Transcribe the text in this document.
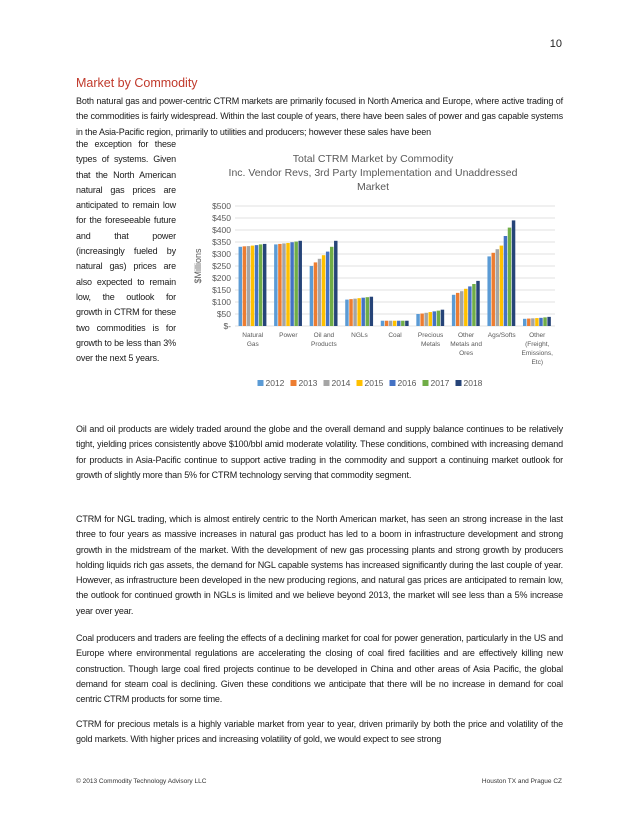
10
Market by Commodity

Both natural gas and power-centric CTRM markets are primarily focused in North America and Europe, where active trading of the commodities is fairly widespread. Within the last couple of years, there have been sales of power and gas capable systems in the Asia-Pacific region, primarily to utilities and producers; however these sales have been

the exception for these types of systems. Given that the North American natural gas prices are anticipated to remain low for the foreseeable future and that power (increasingly fueled by natural gas) prices are also expected to remain low, the outlook for growth in CTRM for these two commodities is for growth to be less than 3% over the next 5 years.

Total CTRM Market by Commodity
Inc. Vendor Revs, 3rd Party Implementation and Unaddressed
Market
$-
$50
$100
$150
$200
$250
$300
$350
$400
$450
$500
$Millions
Natural
Gas
Power Oil and
Products
NGLs	Coal Precious
Metals
Other
Metals and
Ores
Ags/Softs Other
(Freight,
Emissions,
Etc)
2012 2013 2014 2015 2016 2017 2018

Oil and oil products are widely traded around the globe and the overall demand and supply balance continues to be relatively tight, yielding prices consistently above $100/bbl amid moderate volatility. These conditions, combined with increasing demand for products in Asia-Pacific continue to support active trading in the commodity and support a continuing market outlook for growth of slightly more than 5% for CTRM technology serving that commodity segment.

CTRM for NGL trading, which is almost entirely centric to the North American market, has seen an strong increase in the last three to four years as massive increases in natural gas product has led to a boom in infrastructure development and strong growth in the midstream of the market. With the development of new gas processing plants and strong growth by producers holding liquids rich gas assets, the demand for NGL capable systems has increased significantly during the last couple of year. However, as infrastructure been developed in the new producing regions, and natural gas prices are anticipated to remain low, the outlook for continued growth in NGLs is limited and we believe beyond 2013, the market will see less than a 5% increase year over year.

Coal producers and traders are feeling the effects of a declining market for coal for power generation, particularly in the US and Europe where environmental regulations are accelerating the closing of coal fired facilities and are effectively killing new construction. Though large coal fired projects continue to be developed in China and other areas of Asia Pacific, the global demand for steam coal is declining. Given these conditions we anticipate that there will be no increase in demand for coal centric CTRM products for some time.

CTRM for precious metals is a highly variable market from year to year, driven primarily by both the price and volatility of the gold markets. With higher prices and increasing volatility of gold, we would expect to see strong

© 2013 Commodity Technology Advisory LLC	Houston TX and Prague CZ
